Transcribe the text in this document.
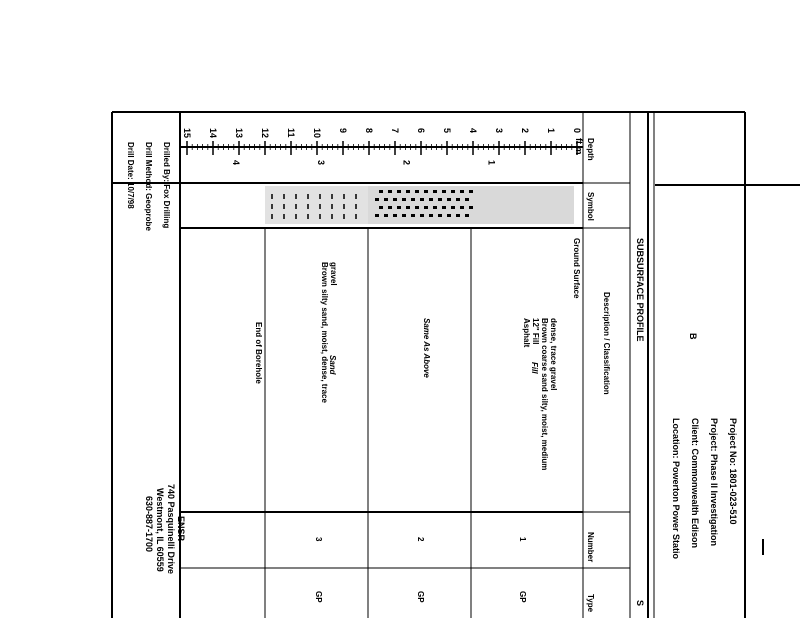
Project No: 1801-023-510
Project: Phase II Investigation
Client: Commonwealth Edison
Location: Powerton Power Statio
B
SUBSURFACE PROFILE
S
Depth
Symbol
Description / Classification
Number
Type
0
1
2
3
4
5
6
7
8
9
10
11
12
13
14
15
1
2
3
4
ft m
Ground Surface
Fill
Asphalt12" FillBrown coarse sand silty, moist, mediumdense, trace gravel
Same As Above
Sand
Brown silty sand, moist, dense, tracegravel
End of Borehole
1
2
3
GP
GP
GP
Drilled By: Fox Drilling
Drill Method: Geoprobe
Drill Date: 10/7/98
ENSR
740 Pasquinelli Drive
Westmont, IL 60559
630-887-1700
